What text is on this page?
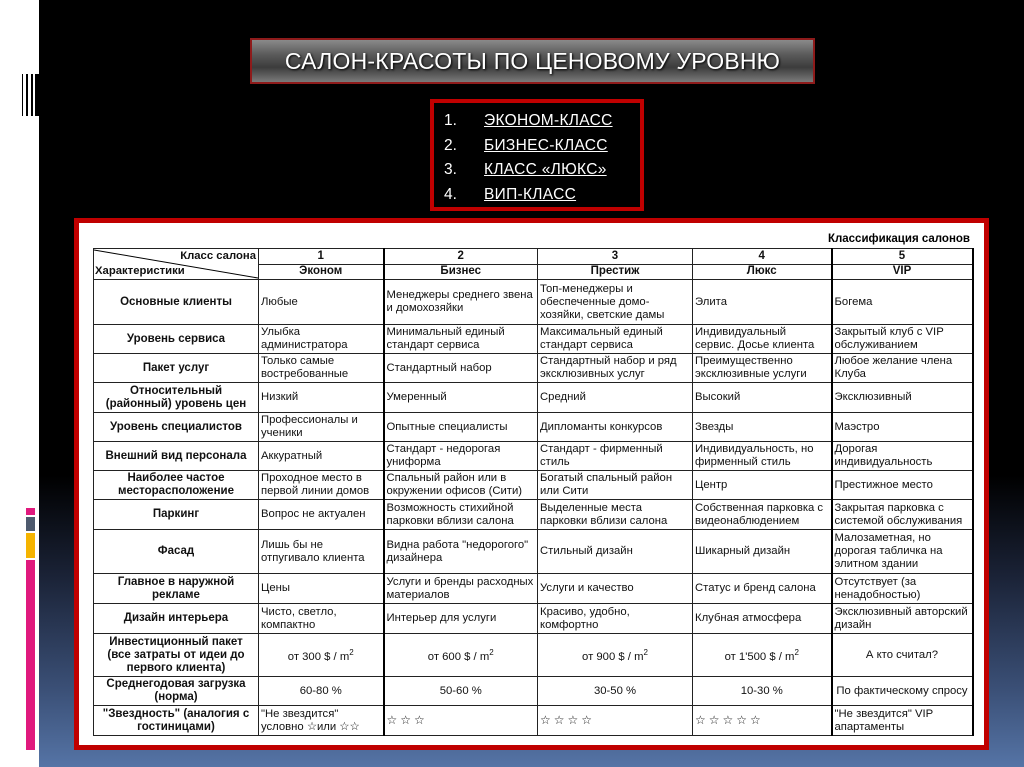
САЛОН-КРАСОТЫ ПО ЦЕНОВОМУ УРОВНЮ
1.	ЭКОНОМ-КЛАСС
2.	БИЗНЕС-КЛАСС
3.	КЛАСС «ЛЮКС»
4.	ВИП-КЛАСС
Классификация салонов
Класс салона
Характеристики	1	2	3	4	5
	Эконом	Бизнес	Престиж	Люкс	VIP
Основные клиенты	Любые	Менеджеры среднего звена и домохозяйки	Топ-менеджеры и обеспеченные домо-хозяйки, светские дамы	Элита	Богема
Уровень сервиса	Улыбка администратора	Минимальный единый стандарт сервиса	Максимальный единый стандарт сервиса	Индивидуальный сервис. Досье клиента	Закрытый клуб с VIP обслуживанием
Пакет услуг	Только самые востребованные	Стандартный набор	Стандартный набор и ряд эксклюзивных услуг	Преимущественно эксклюзивные услуги	Любое желание члена Клуба
Относительный (районный) уровень цен	Низкий	Умеренный	Средний	Высокий	Эксклюзивный
Уровень специалистов	Профессионалы и ученики	Опытные специалисты	Дипломанты конкурсов	Звезды	Маэстро
Внешний вид персонала	Аккуратный	Стандарт - недорогая униформа	Стандарт - фирменный стиль	Индивидуальность, но фирменный стиль	Дорогая индивидуальность
Наиболее частое месторасположение	Проходное место в первой линии домов	Спальный район или в окружении офисов (Сити)	Богатый спальный район или Сити	Центр	Престижное место
Паркинг	Вопрос не актуален	Возможность стихийной парковки вблизи салона	Выделенные места парковки вблизи салона	Собственная парковка с видеонаблюдением	Закрытая парковка с системой обслуживания
Фасад	Лишь бы не отпугивало клиента	Видна работа "недорогого" дизайнера	Стильный дизайн	Шикарный дизайн	Малозаметная, но дорогая табличка на элитном здании
Главное в наружной рекламе	Цены	Услуги и бренды расходных материалов	Услуги и качество	Статус и бренд салона	Отсутствует (за ненадобностью)
Дизайн интерьера	Чисто, светло, компактно	Интерьер для услуги	Красиво, удобно, комфортно	Клубная атмосфера	Эксклюзивный авторский дизайн
Инвестиционный пакет (все затраты от идеи до первого клиента)	от 300 $ / $m^2$	от 600 $ / $m^2$	от 900 $ / $m^2$	от 1'500 $ / $m^2$	А кто считал?
Среднегодовая загрузка (норма)	60-80 %	50-60 %	30-50 %	10-30 %	По фактическому спросу
"Звездность" (аналогия с гостиницами)	"Не звездится" условно ☆или ☆☆	☆☆☆	☆☆☆☆	☆☆☆☆☆	"Не звездится" VIP апартаменты
